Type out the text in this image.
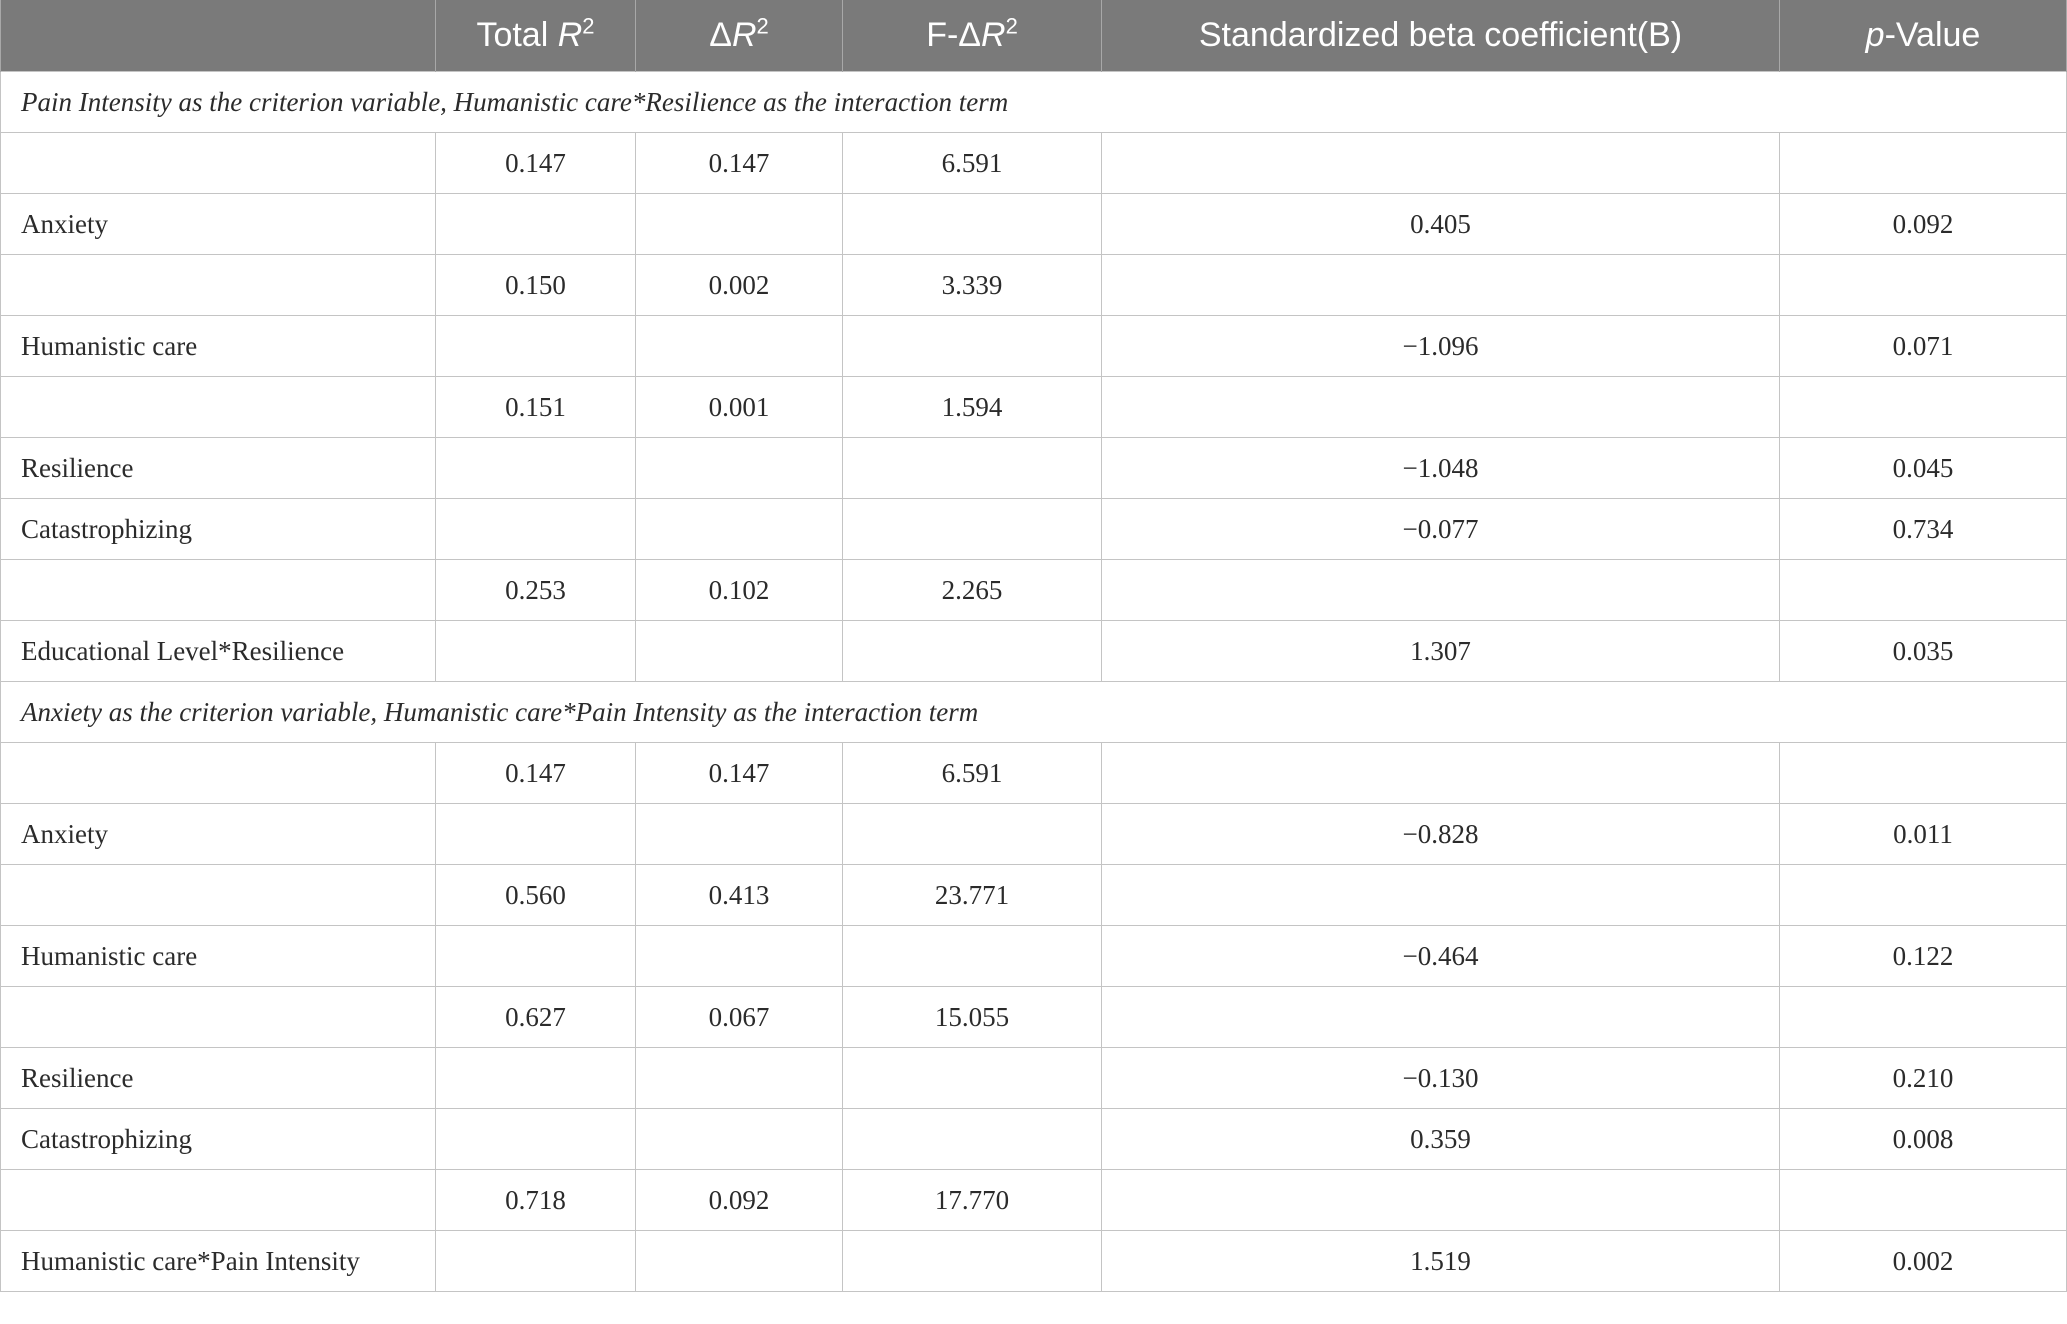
	Total $R^2$	$\Delta R^2$	$F-\Delta R^2$	Standardized beta coefficient(B)	p-Value
Pain Intensity as the criterion variable, Humanistic care*Resilience as the interaction term					
	0.147	0.147	6.591		
Anxiety				0.405	0.092
	0.150	0.002	3.339		
Humanistic care				−1.096	0.071
	0.151	0.001	1.594		
Resilience				−1.048	0.045
Catastrophizing				−0.077	0.734
	0.253	0.102	2.265		
Educational Level*Resilience				1.307	0.035
Anxiety as the criterion variable, Humanistic care*Pain Intensity as the interaction term					
	0.147	0.147	6.591		
Anxiety				−0.828	0.011
	0.560	0.413	23.771		
Humanistic care				−0.464	0.122
	0.627	0.067	15.055		
Resilience				−0.130	0.210
Catastrophizing				0.359	0.008
	0.718	0.092	17.770		
Humanistic care*Pain Intensity				1.519	0.002
